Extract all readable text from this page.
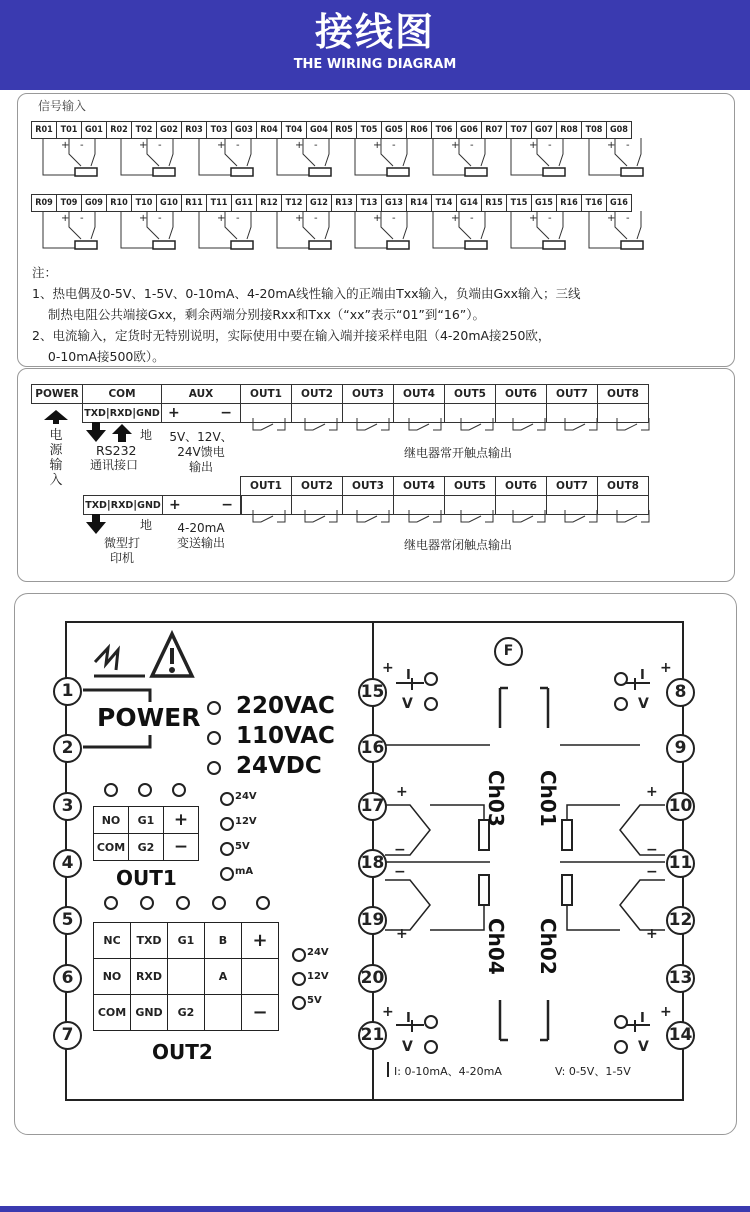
接线图
THE WIRING DIAGRAM
信号输入
R01	T01	G01	R02	T02	G02	R03	T03	G03	R04	T04	G04	R05	T05	G05	R06	T06	G06	R07	T07	G07	R08	T08	G08
R09	T09	G09	R10	T10	G10	R11	T11	G11	R12	T12	G12	R13	T13	G13	R14	T14	G14	R15	T15	G15	R16	T16	G16
+ -	+ -	+ -	+ -	+ -	+ -	+ -	+ -
+ -	+ -	+ -	+ -	+ -	+ -	+ -	+ -
注：
1、热电偶及0-5V、1-5V、0-10mA、4-20mA线性输入的正端由Txx输入，负端由Gxx输入；三线
制热电阻公共端接Gxx，剩余两端分别接Rxx和Txx（“xx”表示“01”到“16”）。
2、电流输入，定货时无特别说明，实际使用中要在输入端并接采样电阻（4-20mA接250欧，
0-10mA接500欧）。
POWER	COM	AUX	OUT1	OUT2	OUT3	OUT4	OUT5	OUT6	OUT7	OUT8
	TXD|RXD|GND	+ −								

OUT1	OUT2	OUT3	OUT4	OUT5	OUT6	OUT7	OUT8

TXD|RXD|GND	+	−
电
源
输
入
地
RS232
通讯接口
5V、12V、
24V馈电
输出
继电器常开触点输出
地
微型打
印机
4-20mA
变送输出	继电器常闭触点输出
POWER 220VAC
110VAC
24VDC
1
2
3
4
5
6
7
15
16
17
18
19
20
21
8
9
10
11
12
13
14
NO	G1	+
COM	G2	−
OUT1
24V
12V
5V
mA
NC	TXD	G1	B	+
NO	RXD		A	
COM	GND	G2		−
OUT2
24V
12V
5V
F
Ch03 Ch01
Ch04 Ch02
I
V
+	I
V
+
I
V
+	I
V
+
+
−
−
+
+
−
−
+
I: 0-10mA、4-20mA	V: 0-5V、1-5V
